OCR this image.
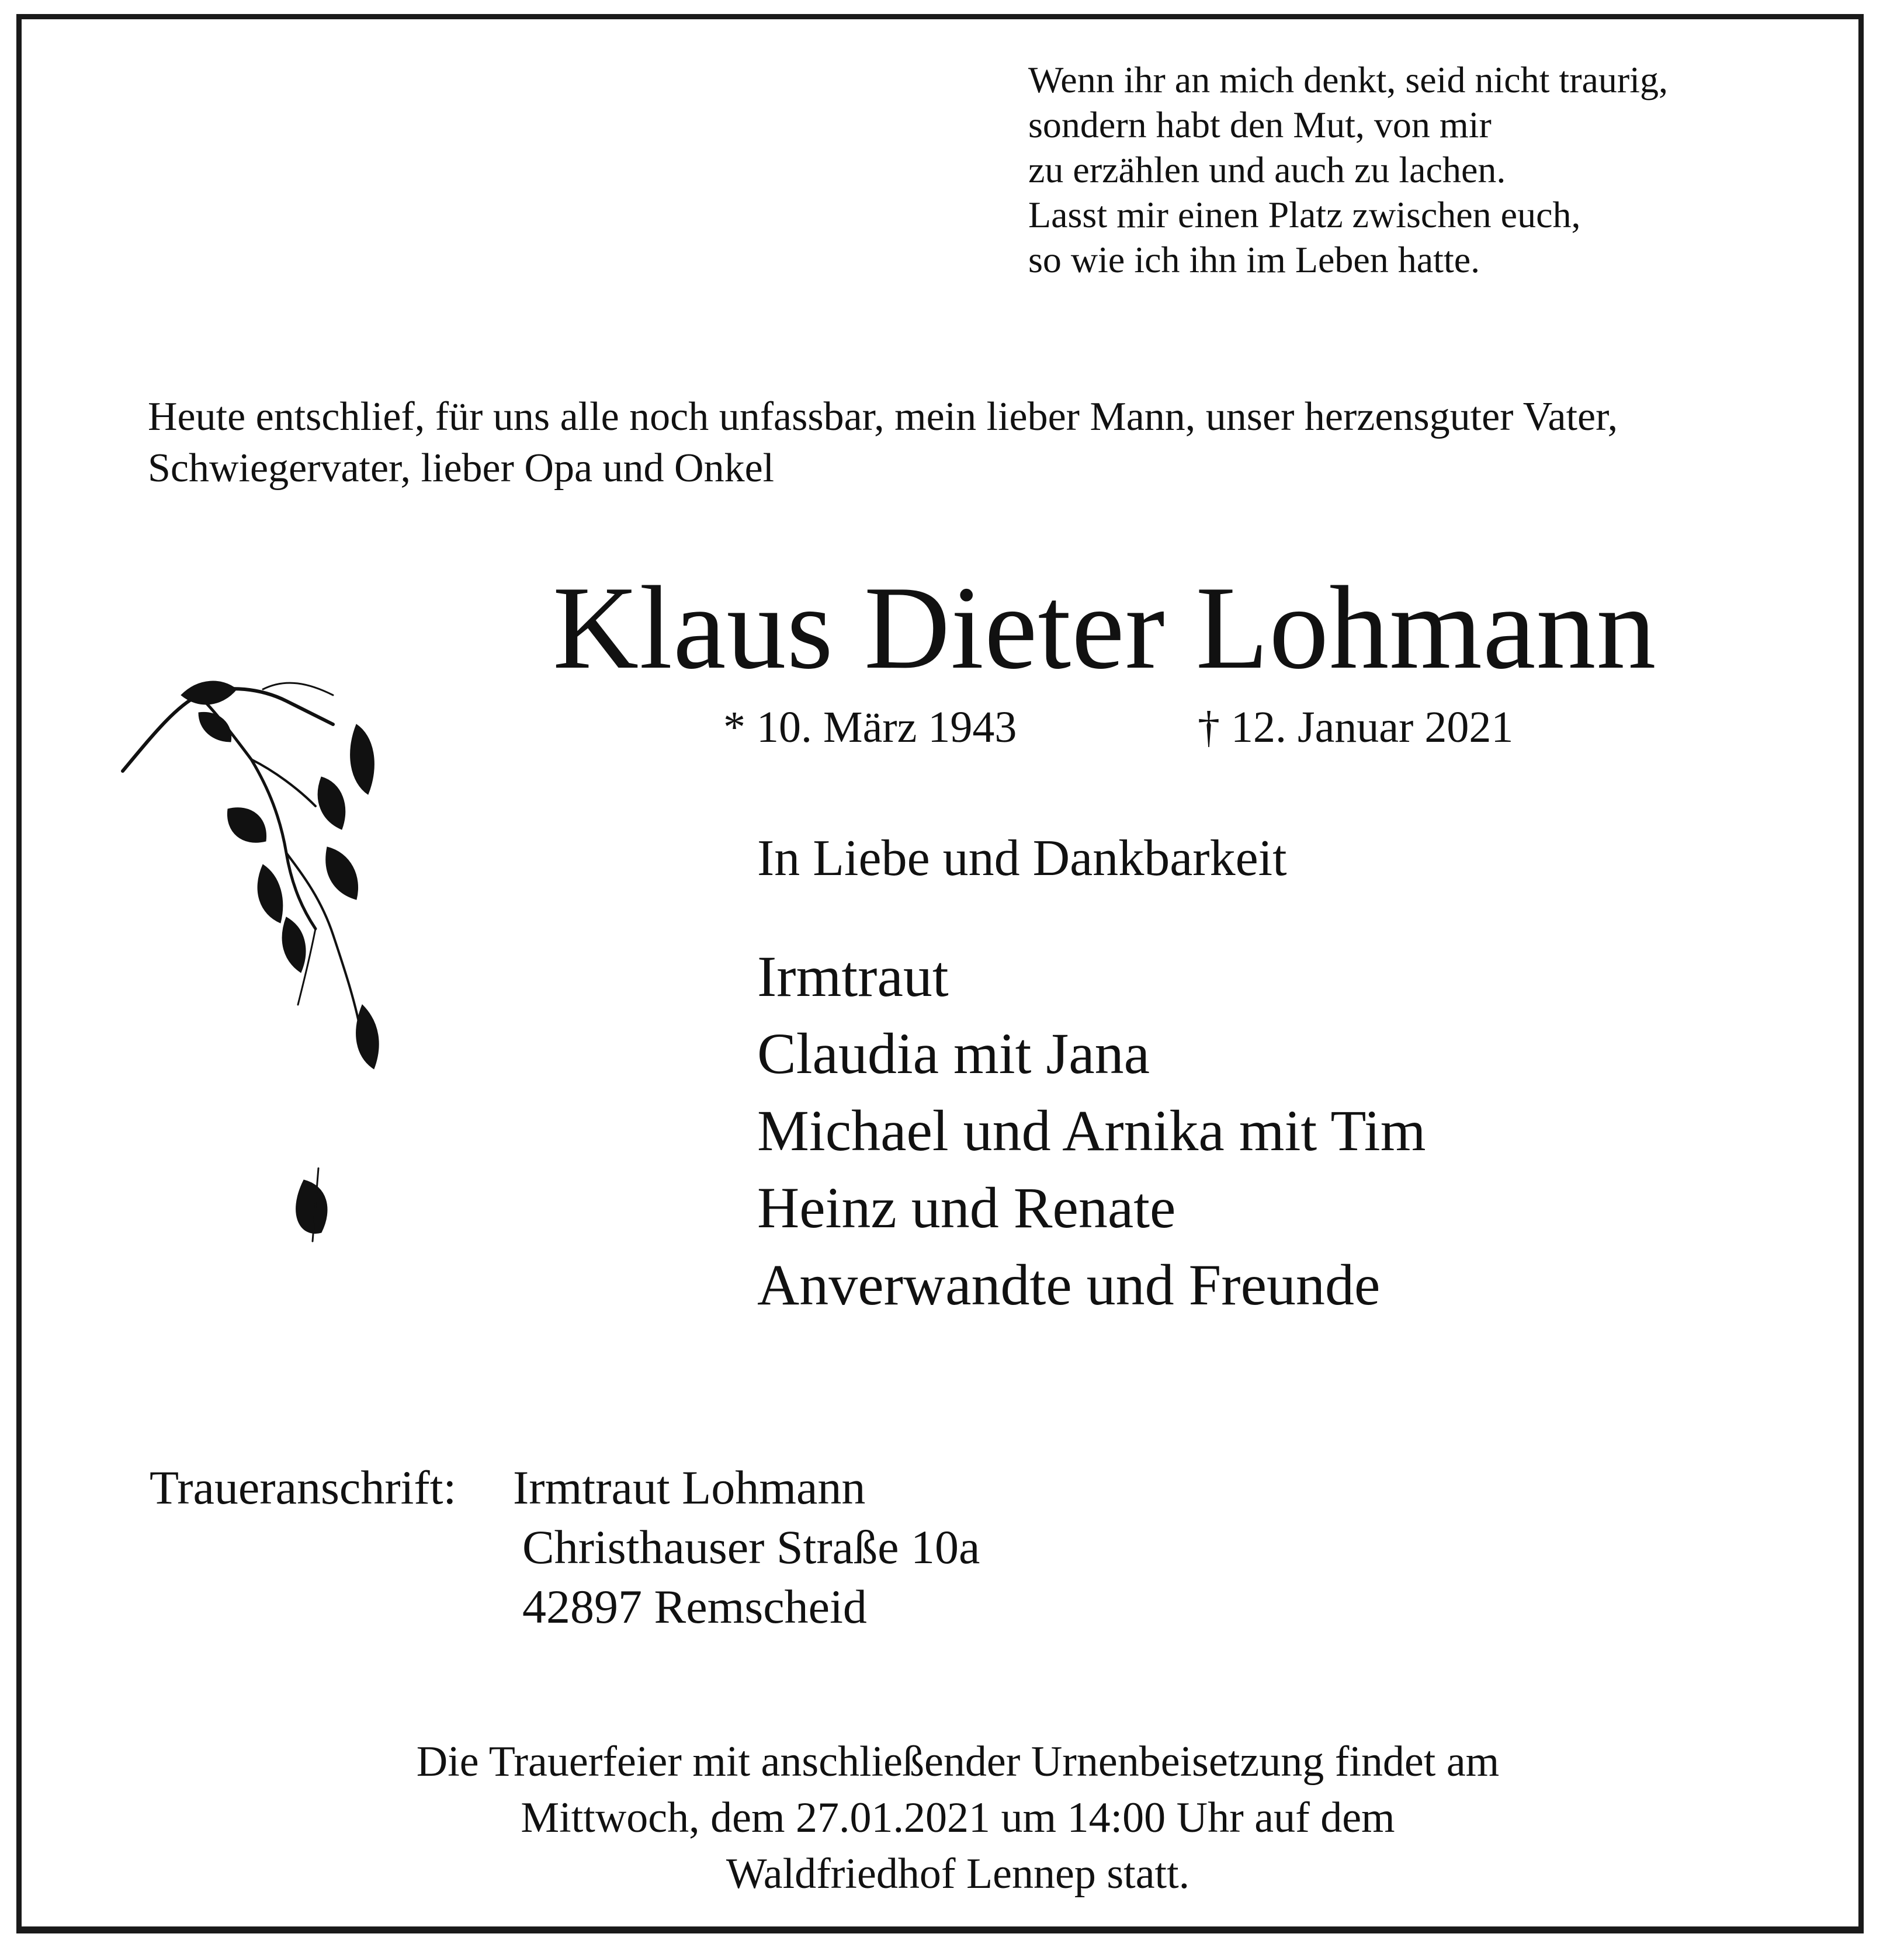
Wenn ihr an mich denkt, seid nicht traurig,
sondern habt den Mut, von mir
zu erzählen und auch zu lachen.
Lasst mir einen Platz zwischen euch,
so wie ich ihn im Leben hatte.
Heute entschlief, für uns alle noch unfassbar, mein lieber Mann, unser herzensguter Vater,
Schwiegervater, lieber Opa und Onkel
Klaus Dieter Lohmann
* 10. März 1943	† 12. Januar 2021
In Liebe und Dankbarkeit
Irmtraut
Claudia mit Jana
Michael und Arnika mit Tim
Heinz und Renate
Anverwandte und Freunde
Traueranschrift: Irmtraut Lohmann
Christhauser Straße 10a
42897 Remscheid
Die Trauerfeier mit anschließender Urnenbeisetzung findet am
Mittwoch, dem 27.01.2021 um 14:00 Uhr auf dem
Waldfriedhof Lennep statt.
